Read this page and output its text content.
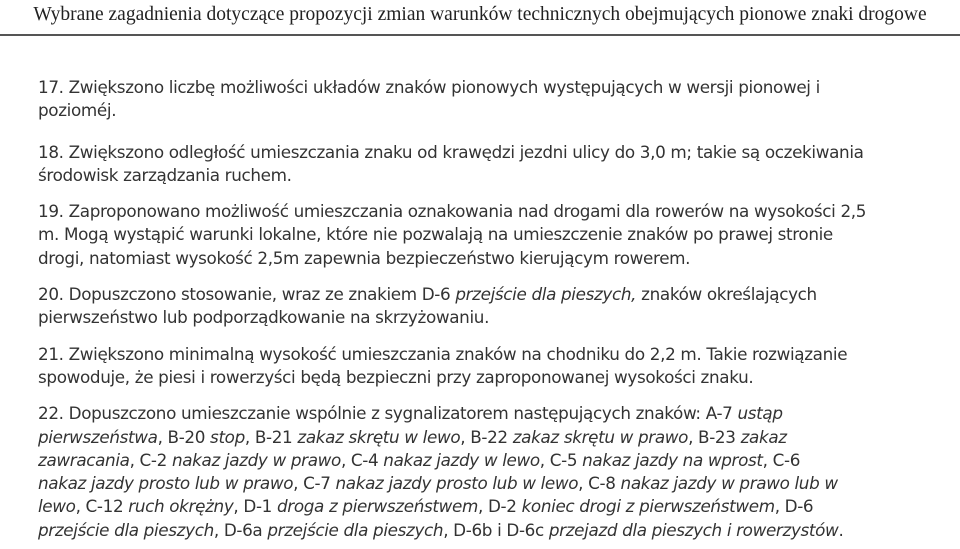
Wybrane zagadnienia dotyczące propozycji zmian warunków technicznych obejmujących pionowe znaki drogowe
17. Zwiększono liczbę możliwości układów znaków pionowych występujących w wersji pionowej i
pozioméj.
18. Zwiększono odległość umieszczania znaku od krawędzi jezdni ulicy do 3,0 m; takie są oczekiwania
środowisk zarządzania ruchem.
19. Zaproponowano możliwość umieszczania oznakowania nad drogami dla rowerów na wysokości 2,5
m. Mogą wystąpić warunki lokalne, które nie pozwalają na umieszczenie znaków po prawej stronie
drogi, natomiast wysokość 2,5m zapewnia bezpieczeństwo kierującym rowerem.
20. Dopuszczono stosowanie, wraz ze znakiem D-6 przejście dla pieszych, znaków określających
pierwszeństwo lub podporządkowanie na skrzyżowaniu.
21. Zwiększono minimalną wysokość umieszczania znaków na chodniku do 2,2 m. Takie rozwiązanie
spowoduje, że piesi i rowerzyści będą bezpieczni przy zaproponowanej wysokości znaku.
22. Dopuszczono umieszczanie wspólnie z sygnalizatorem następujących znaków: A-7 ustąp
pierwszeństwa, B-20 stop, B-21 zakaz skrętu w lewo, B-22 zakaz skrętu w prawo, B-23 zakaz
zawracania, C-2 nakaz jazdy w prawo, C-4 nakaz jazdy w lewo, C-5 nakaz jazdy na wprost, C-6
nakaz jazdy prosto lub w prawo, C-7 nakaz jazdy prosto lub w lewo, C-8 nakaz jazdy w prawo lub w
lewo, C-12 ruch okrężny, D-1 droga z pierwszeństwem, D-2 koniec drogi z pierwszeństwem, D-6
przejście dla pieszych, D-6a przejście dla pieszych, D-6b i D-6c przejazd dla pieszych i rowerzystów.
